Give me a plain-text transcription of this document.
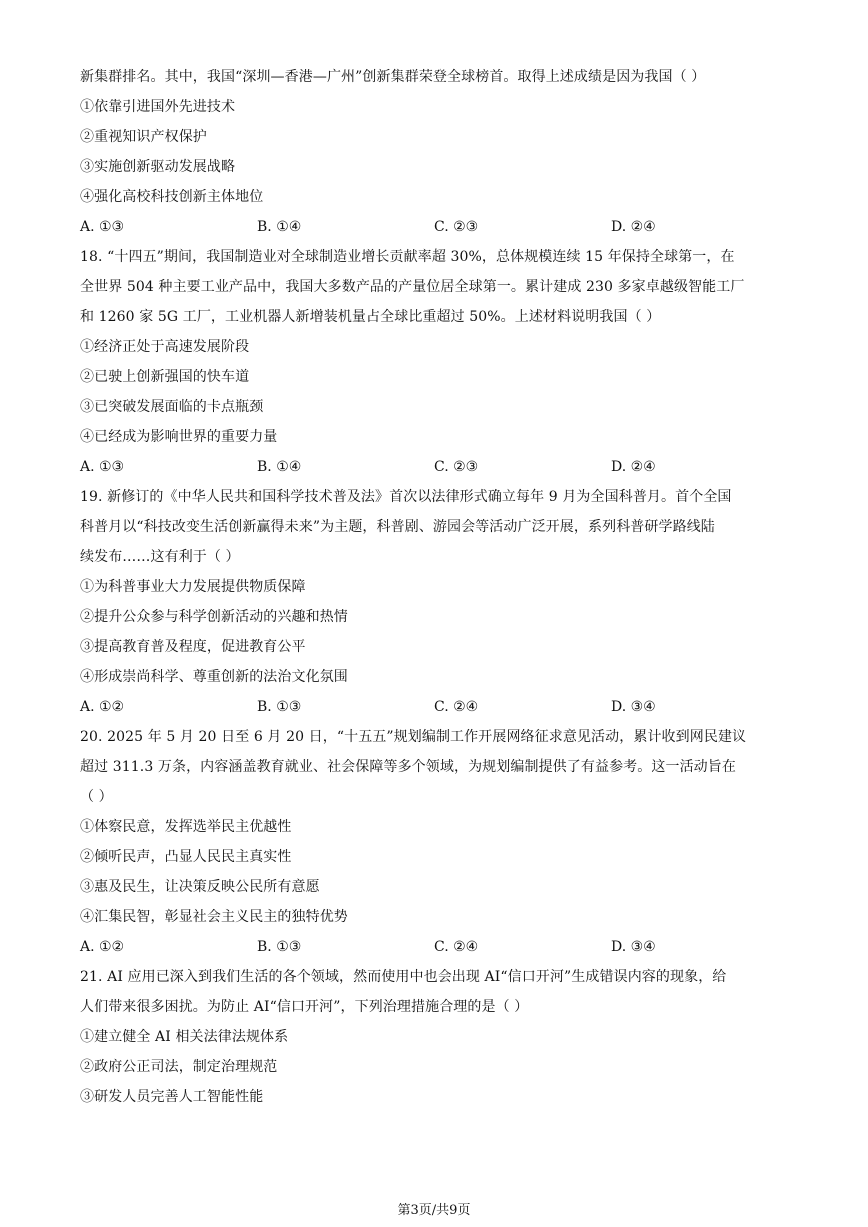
新集群排名。其中，我国“深圳—香港—广州”创新集群荣登全球榜首。取得上述成绩是因为我国（ ）
①依靠引进国外先进技术
②重视知识产权保护
③实施创新驱动发展战略
④强化高校科技创新主体地位
A. ①③	B. ①④	C. ②③	D. ②④
18. “十四五”期间，我国制造业对全球制造业增长贡献率超 30%，总体规模连续 15 年保持全球第一，在
全世界 504 种主要工业产品中，我国大多数产品的产量位居全球第一。累计建成 230 多家卓越级智能工厂
和 1260 家 5G 工厂，工业机器人新增装机量占全球比重超过 50%。上述材料说明我国（ ）
①经济正处于高速发展阶段
②已驶上创新强国的快车道
③已突破发展面临的卡点瓶颈
④已经成为影响世界的重要力量
A. ①③	B. ①④	C. ②③	D. ②④
19. 新修订的《中华人民共和国科学技术普及法》首次以法律形式确立每年 9 月为全国科普月。首个全国
科普月以“科技改变生活创新赢得未来”为主题，科普剧、游园会等活动广泛开展，系列科普研学路线陆
续发布……这有利于（ ）
①为科普事业大力发展提供物质保障
②提升公众参与科学创新活动的兴趣和热情
③提高教育普及程度，促进教育公平
④形成崇尚科学、尊重创新的法治文化氛围
A. ①②	B. ①③	C. ②④	D. ③④
20. 2025 年 5 月 20 日至 6 月 20 日，“十五五”规划编制工作开展网络征求意见活动，累计收到网民建议
超过 311.3 万条，内容涵盖教育就业、社会保障等多个领域，为规划编制提供了有益参考。这一活动旨在
（ ）
①体察民意，发挥选举民主优越性
②倾听民声，凸显人民民主真实性
③惠及民生，让决策反映公民所有意愿
④汇集民智，彰显社会主义民主的独特优势
A. ①②	B. ①③	C. ②④	D. ③④
21. AI 应用已深入到我们生活的各个领域，然而使用中也会出现 AI“信口开河”生成错误内容的现象，给
人们带来很多困扰。为防止 AI“信口开河”，下列治理措施合理的是（ ）
①建立健全 AI 相关法律法规体系
②政府公正司法，制定治理规范
③研发人员完善人工智能性能
第3页/共9页
